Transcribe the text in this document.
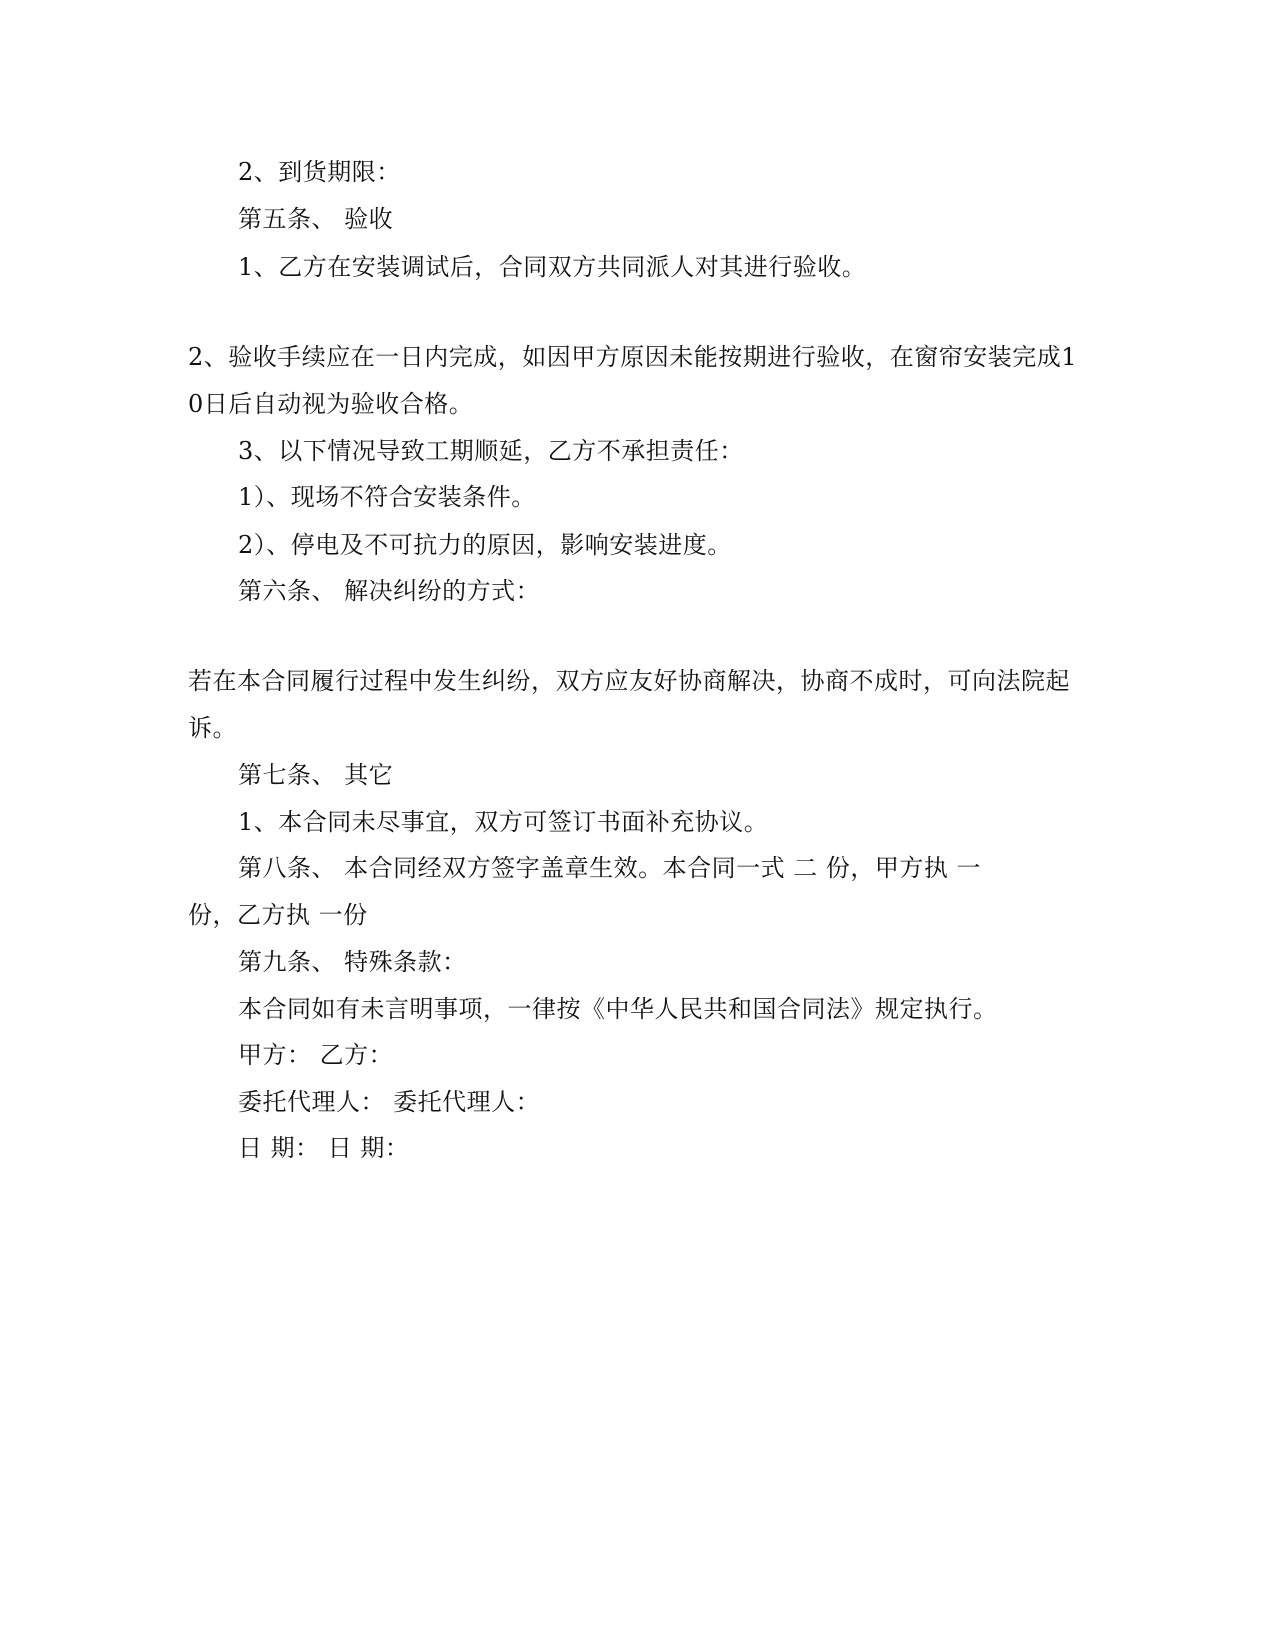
2、到货期限：
第五条、 验收
1、乙方在安装调试后，合同双方共同派人对其进行验收。
2、验收手续应在一日内完成，如因甲方原因未能按期进行验收，在窗帘安装完成1
0日后自动视为验收合格。
3、以下情况导致工期顺延，乙方不承担责任：
1）、现场不符合安装条件。
2）、停电及不可抗力的原因，影响安装进度。
第六条、 解决纠纷的方式：
若在本合同履行过程中发生纠纷，双方应友好协商解决，协商不成时，可向法院起
诉。
第七条、 其它
1、本合同未尽事宜，双方可签订书面补充协议。
第八条、 本合同经双方签字盖章生效。本合同一式 二 份，甲方执 一
份，乙方执 一份
第九条、 特殊条款：
本合同如有未言明事项，一律按《中华人民共和国合同法》规定执行。
甲方： 乙方：
委托代理人： 委托代理人：
日 期： 日 期：
